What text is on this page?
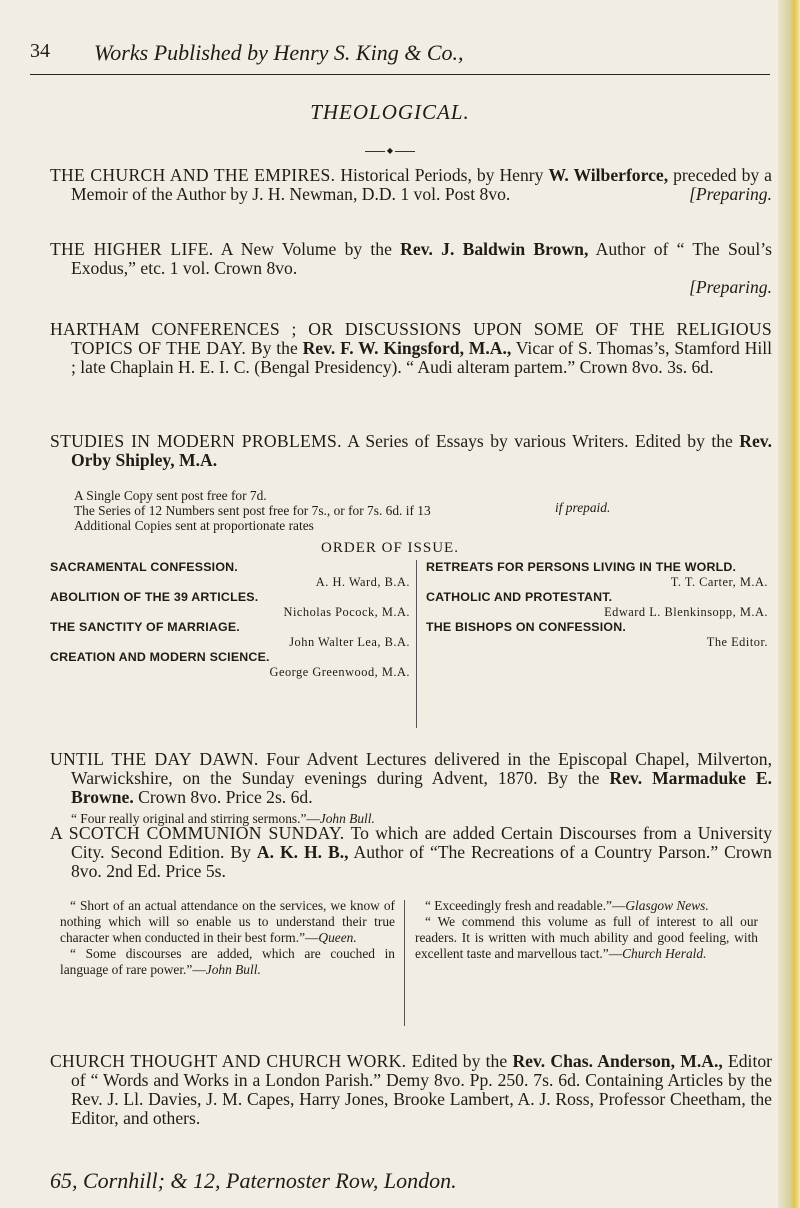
34 Works Published by Henry S. King & Co.,
THEOLOGICAL.
◆
THE CHURCH AND THE EMPIRES. Historical Periods, by Henry W. Wilberforce, preceded by a Memoir of the Author by J. H. Newman, D.D. 1 vol. Post 8vo.	[Preparing.
THE HIGHER LIFE. A New Volume by the Rev. J. Baldwin Brown, Author of “ The Soul’s Exodus,” etc. 1 vol. Crown 8vo.
[Preparing.
HARTHAM CONFERENCES ; OR DISCUSSIONS UPON SOME OF THE RELIGIOUS TOPICS OF THE DAY. By the Rev. F. W. Kingsford, M.A., Vicar of S. Thomas’s, Stamford Hill ; late Chaplain H. E. I. C. (Bengal Presidency). “ Audi alteram partem.” Crown 8vo. 3s. 6d.
STUDIES IN MODERN PROBLEMS. A Series of Essays by various Writers. Edited by the Rev. Orby Shipley, M.A.
A Single Copy sent post free for 7d.
The Series of 12 Numbers sent post free for 7s., or for 7s. 6d. if 13
Additional Copies sent at proportionate rates
if prepaid.
ORDER OF ISSUE.
SACRAMENTAL CONFESSION.
A. H. Ward, B.A.
ABOLITION OF THE 39 ARTICLES.
Nicholas Pocock, M.A.
THE SANCTITY OF MARRIAGE.
John Walter Lea, B.A.
CREATION AND MODERN SCIENCE.
George Greenwood, M.A.
RETREATS FOR PERSONS LIVING IN THE WORLD.
T. T. Carter, M.A.
CATHOLIC AND PROTESTANT.
Edward L. Blenkinsopp, M.A.
THE BISHOPS ON CONFESSION.
The Editor.
UNTIL THE DAY DAWN. Four Advent Lectures delivered in the Episcopal Chapel, Milverton, Warwickshire, on the Sunday evenings during Advent, 1870. By the Rev. Marmaduke E. Browne. Crown 8vo. Price 2s. 6d.
“ Four really original and stirring sermons.”—John Bull.
A SCOTCH COMMUNION SUNDAY. To which are added Certain Discourses from a University City. Second Edition. By A. K. H. B., Author of “The Recreations of a Country Parson.” Crown 8vo. 2nd Ed. Price 5s.

“ Short of an actual attendance on the services, we know of nothing which will so enable us to understand their true character when conducted in their best form.”—Queen.

“ Some discourses are added, which are couched in language of rare power.”—John Bull.

“ Exceedingly fresh and readable.”—Glasgow News.

“ We commend this volume as full of interest to all our readers. It is written with much ability and good feeling, with excellent taste and marvellous tact.”—Church Herald.

CHURCH THOUGHT AND CHURCH WORK. Edited by the Rev. Chas. Anderson, M.A., Editor of “ Words and Works in a London Parish.” Demy 8vo. Pp. 250. 7s. 6d. Containing Articles by the Rev. J. Ll. Davies, J. M. Capes, Harry Jones, Brooke Lambert, A. J. Ross, Professor Cheetham, the Editor, and others.
65, Cornhill; & 12, Paternoster Row, London.
